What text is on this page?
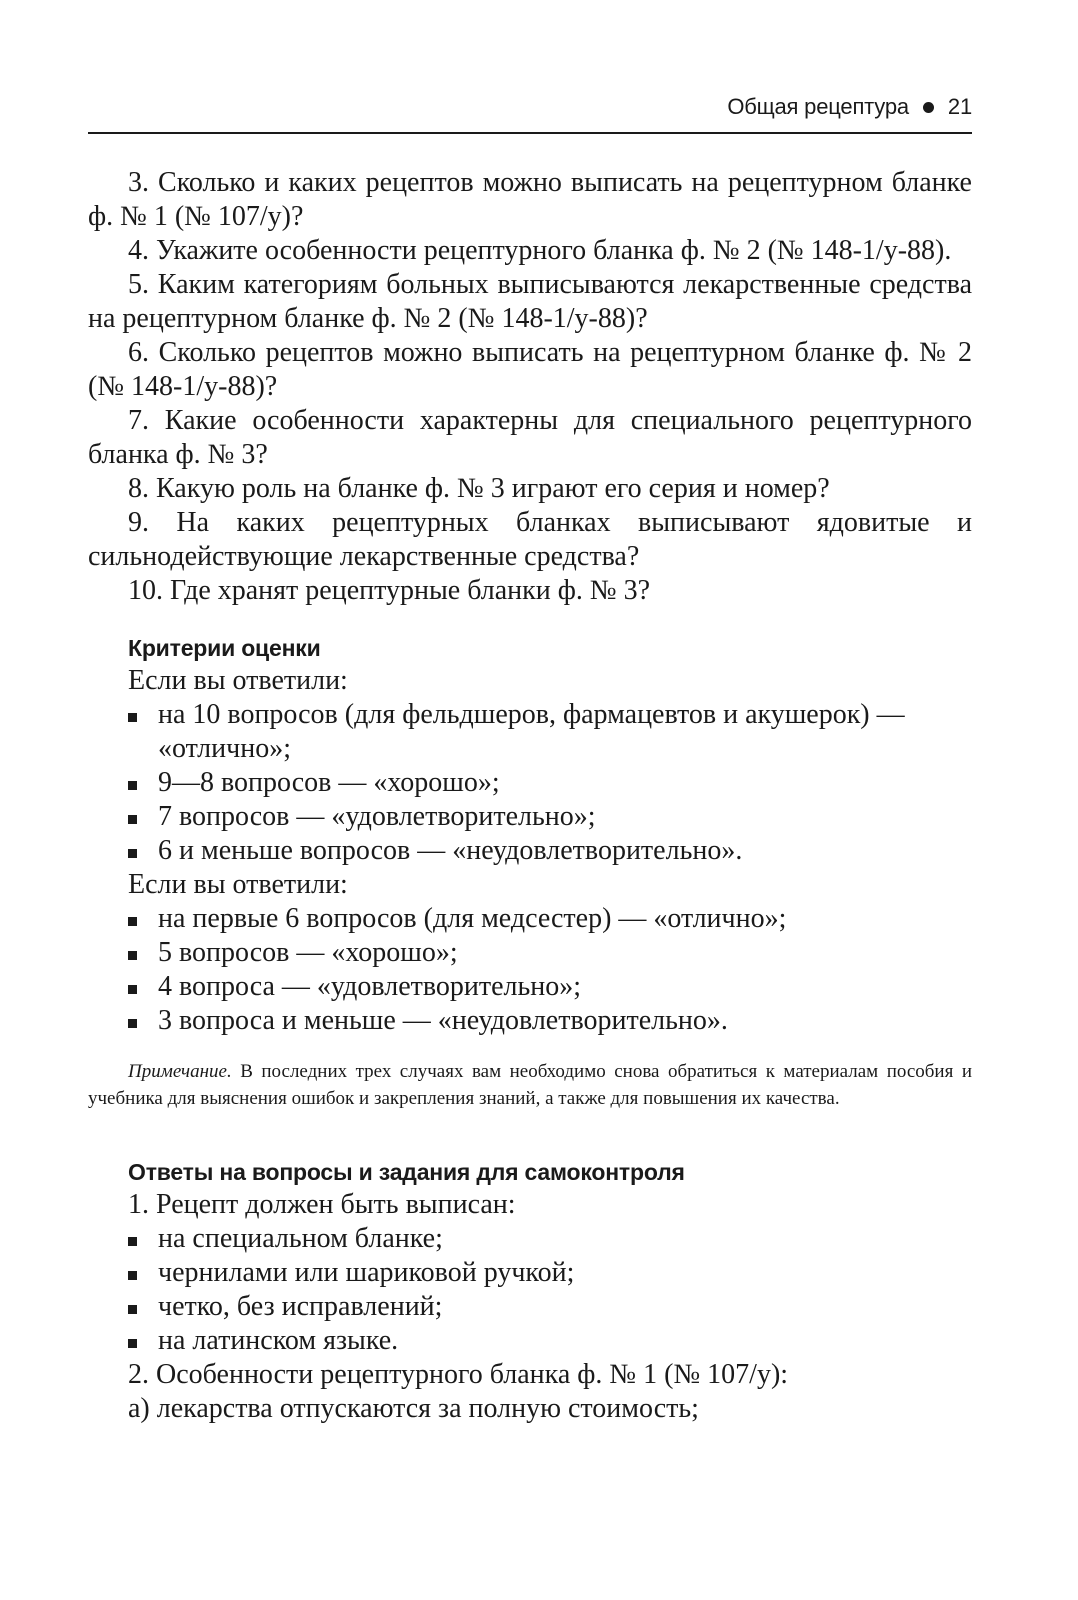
Общая рецептура 21

3. Сколько и каких рецептов можно выписать на рецептурном бланке ф. № 1 (№ 107/у)?

4. Укажите особенности рецептурного бланка ф. № 2 (№ 148-1/у-88).

5. Каким категориям больных выписываются лекарственные средства на рецептурном бланке ф. № 2 (№ 148-1/у-88)?

6. Сколько рецептов можно выписать на рецептурном бланке ф. № 2 (№ 148-1/у-88)?

7. Какие особенности характерны для специального рецептурного бланка ф. № 3?

8. Какую роль на бланке ф. № 3 играют его серия и номер?

9. На каких рецептурных бланках выписывают ядовитые и сильнодействующие лекарственные средства?

10. Где хранят рецептурные бланки ф. № 3?

Критерии оценки

Если вы ответили:

на 10 вопросов (для фельдшеров, фармацевтов и акушерок) — «отлично»;
9—8 вопросов — «хорошо»;
7 вопросов — «удовлетворительно»;
6 и меньше вопросов — «неудовлетворительно».

Если вы ответили:

на первые 6 вопросов (для медсестер) — «отлично»;
5 вопросов — «хорошо»;
4 вопроса — «удовлетворительно»;
3 вопроса и меньше — «неудовлетворительно».

Примечание. В последних трех случаях вам необходимо снова обратиться к материалам пособия и учебника для выяснения ошибок и закрепления знаний, а также для повышения их качества.

Ответы на вопросы и задания для самоконтроля

1. Рецепт должен быть выписан:

на специальном бланке;
чернилами или шариковой ручкой;
четко, без исправлений;
на латинском языке.

2. Особенности рецептурного бланка ф. № 1 (№ 107/у):

а) лекарства отпускаются за полную стоимость;
